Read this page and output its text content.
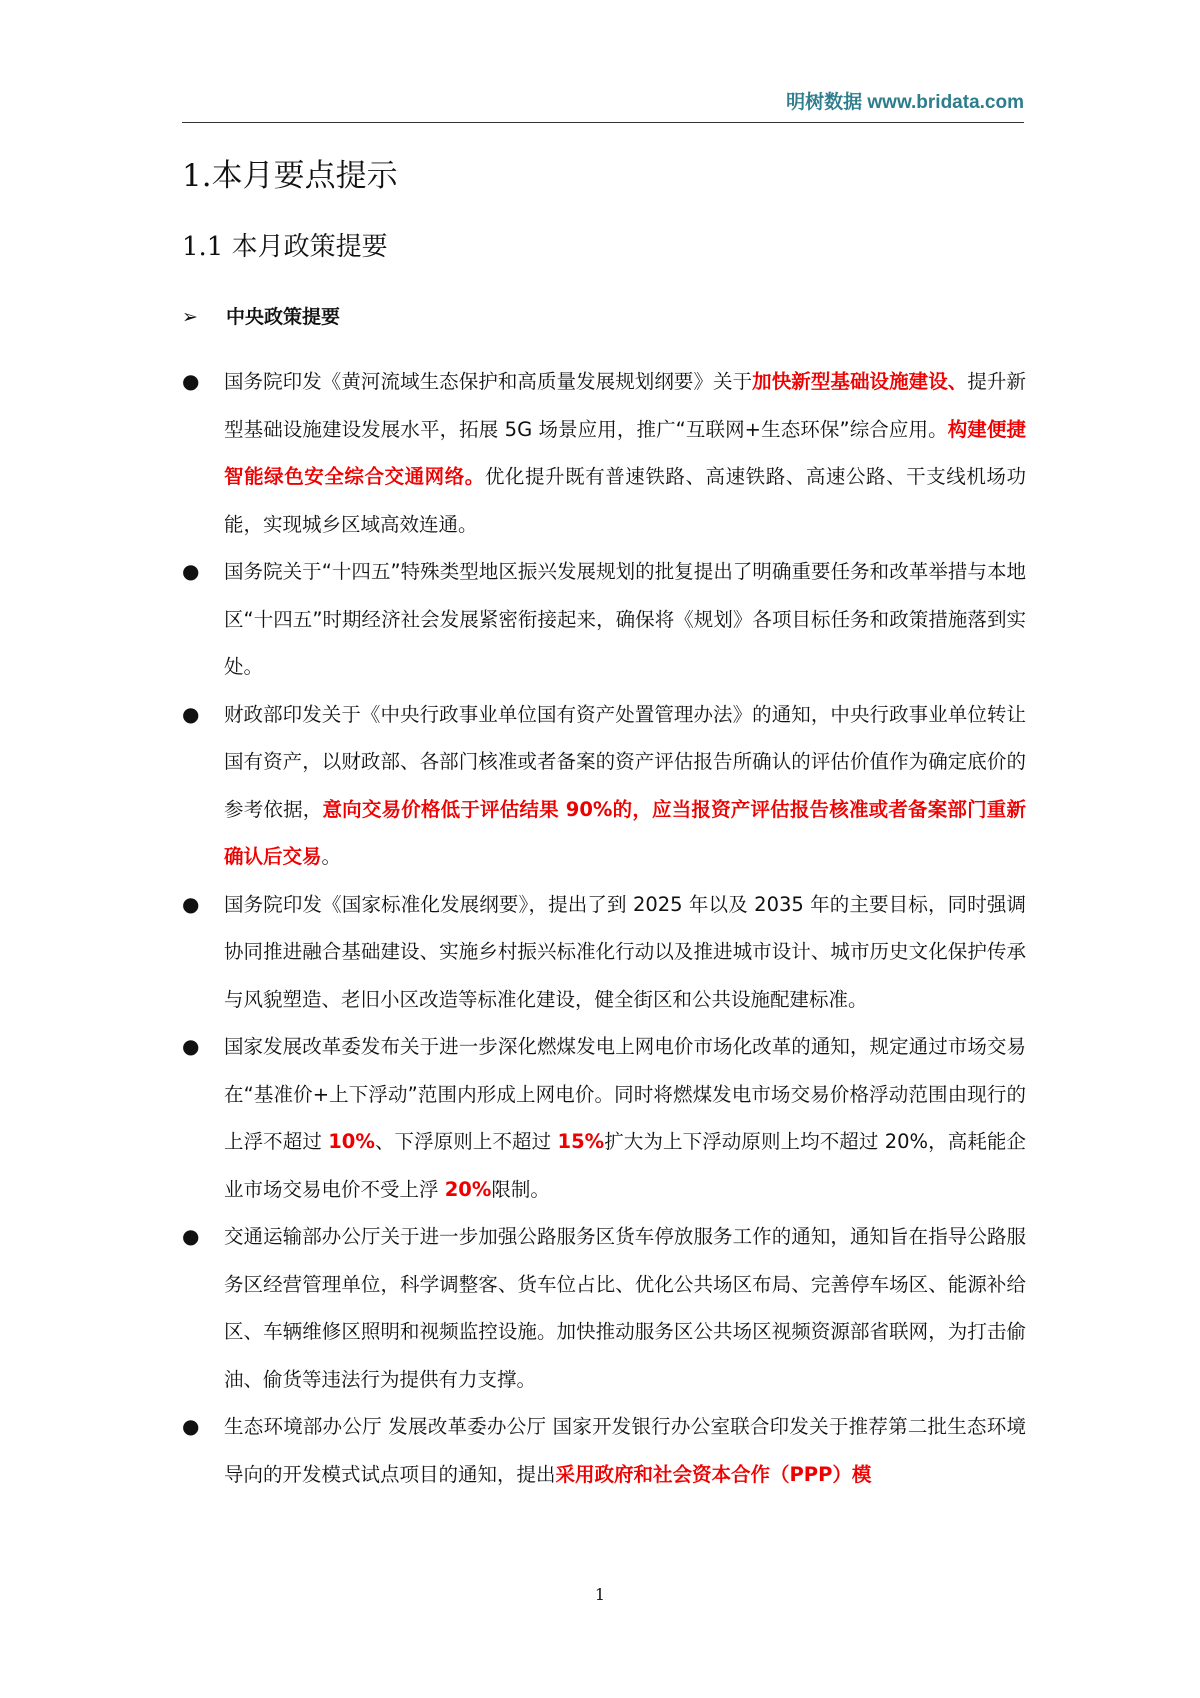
明树数据 www.bridata.com
1.本月要点提示
1.1 本月政策提要
➢ 中央政策提要
● 国务院印发《黄河流域生态保护和高质量发展规划纲要》关于加快新型基础设施建设、提升新型基础设施建设发展水平，拓展 5G 场景应用，推广“互联网+生态环保”综合应用。构建便捷智能绿色安全综合交通网络。优化提升既有普速铁路、高速铁路、高速公路、干支线机场功能，实现城乡区域高效连通。
● 国务院关于“十四五”特殊类型地区振兴发展规划的批复提出了明确重要任务和改革举措与本地区“十四五”时期经济社会发展紧密衔接起来，确保将《规划》各项目标任务和政策措施落到实处。
● 财政部印发关于《中央行政事业单位国有资产处置管理办法》的通知，中央行政事业单位转让国有资产，以财政部、各部门核准或者备案的资产评估报告所确认的评估价值作为确定底价的参考依据，意向交易价格低于评估结果 90%的，应当报资产评估报告核准或者备案部门重新确认后交易。
● 国务院印发《国家标准化发展纲要》，提出了到 2025 年以及 2035 年的主要目标，同时强调协同推进融合基础建设、实施乡村振兴标准化行动以及推进城市设计、城市历史文化保护传承与风貌塑造、老旧小区改造等标准化建设，健全街区和公共设施配建标准。
● 国家发展改革委发布关于进一步深化燃煤发电上网电价市场化改革的通知，规定通过市场交易在“基准价+上下浮动”范围内形成上网电价。同时将燃煤发电市场交易价格浮动范围由现行的上浮不超过 10%、下浮原则上不超过 15%扩大为上下浮动原则上均不超过 20%，高耗能企业市场交易电价不受上浮 20%限制。
● 交通运输部办公厅关于进一步加强公路服务区货车停放服务工作的通知，通知旨在指导公路服务区经营管理单位，科学调整客、货车位占比、优化公共场区布局、完善停车场区、能源补给区、车辆维修区照明和视频监控设施。加快推动服务区公共场区视频资源部省联网，为打击偷油、偷货等违法行为提供有力支撑。
● 生态环境部办公厅 发展改革委办公厅 国家开发银行办公室联合印发关于推荐第二批生态环境导向的开发模式试点项目的通知，提出采用政府和社会资本合作（PPP）模
1
